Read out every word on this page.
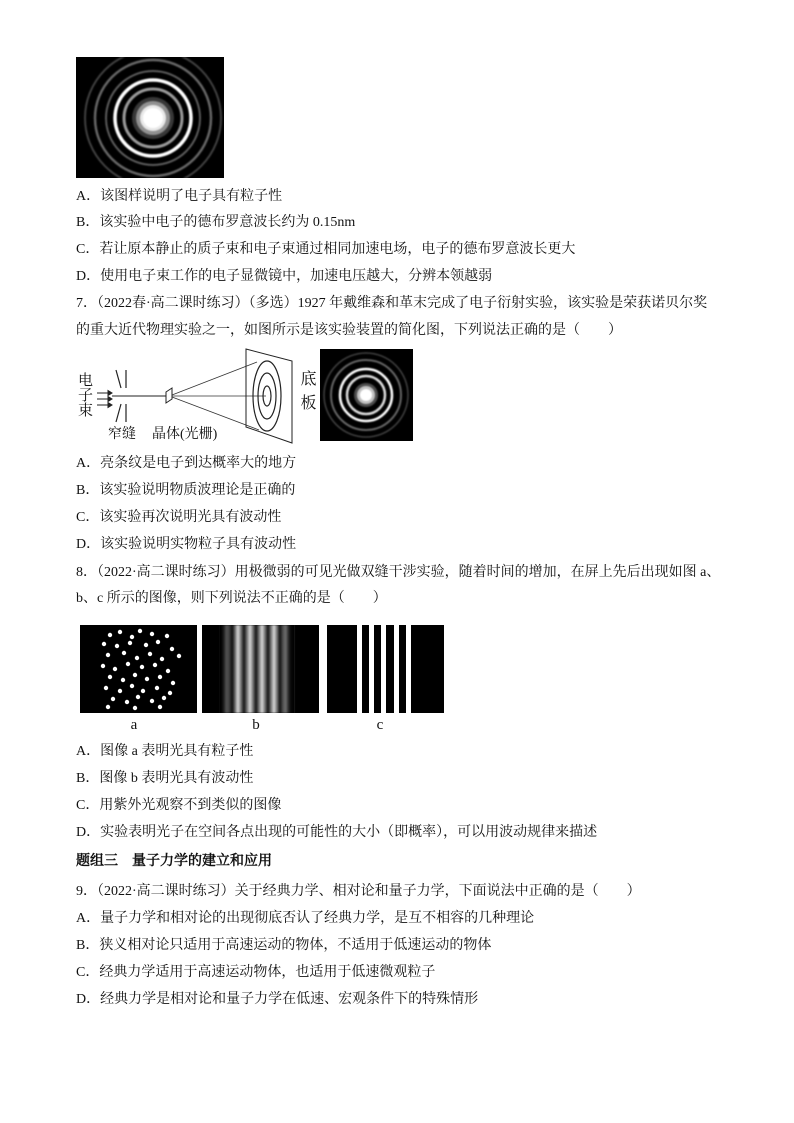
A．该图样说明了电子具有粒子性
B．该实验中电子的德布罗意波长约为 0.15nm
C．若让原本静止的质子束和电子束通过相同加速电场，电子的德布罗意波长更大
D．使用电子束工作的电子显微镜中，加速电压越大，分辨本领越弱
7．（2022春·高二课时练习）（多选）1927 年戴维森和革末完成了电子衍射实验，该实验是荣获诺贝尔奖
的重大近代物理实验之一，如图所示是该实验装置的简化图，下列说法正确的是（　　）
电子束	底板
窄缝 晶体(光栅)
A．亮条纹是电子到达概率大的地方
B．该实验说明物质波理论是正确的
C．该实验再次说明光具有波动性
D．该实验说明实物粒子具有波动性
8．（2022·高二课时练习）用极微弱的可见光做双缝干涉实验，随着时间的增加，在屏上先后出现如图 a、
b、c 所示的图像，则下列说法不正确的是（　　）
a	b	c
A．图像 a 表明光具有粒子性
B．图像 b 表明光具有波动性
C．用紫外光观察不到类似的图像
D．实验表明光子在空间各点出现的可能性的大小（即概率），可以用波动规律来描述
题组三　量子力学的建立和应用
9．（2022·高二课时练习）关于经典力学、相对论和量子力学，下面说法中正确的是（　　）
A．量子力学和相对论的出现彻底否认了经典力学，是互不相容的几种理论
B．狭义相对论只适用于高速运动的物体，不适用于低速运动的物体
C．经典力学适用于高速运动物体，也适用于低速微观粒子
D．经典力学是相对论和量子力学在低速、宏观条件下的特殊情形
